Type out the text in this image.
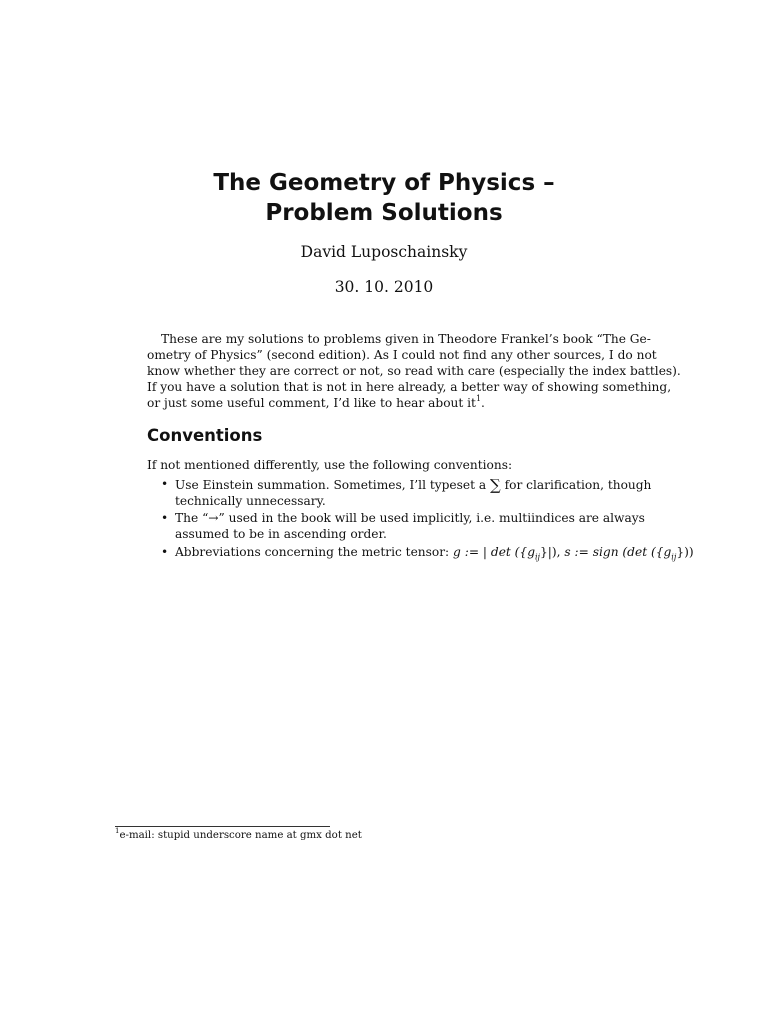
The Geometry of Physics –
Problem Solutions
David Luposchainsky
30. 10. 2010
These are my solutions to problems given in Theodore Frankel’s book “The Ge-
ometry of Physics” (second edition). As I could not find any other sources, I do not
know whether they are correct or not, so read with care (especially the index battles).
If you have a solution that is not in here already, a better way of showing something,
or just some useful comment, I’d like to hear about $it^1$.
Conventions
If not mentioned differently, use the following conventions:
• Use Einstein summation. Sometimes, I’ll typeset a ∑ for clarification, though
technically unnecessary.
• The “→” used in the book will be used implicitly, i.e. multiindices are always
assumed to be in ascending order.
• Abbreviations concerning the metric tensor: g := | $\det (\{g_{ij}\}|)$, s := sign (det $(\{g_{ij}\})$)
$^1$e-mail: stupid underscore name at gmx dot net
